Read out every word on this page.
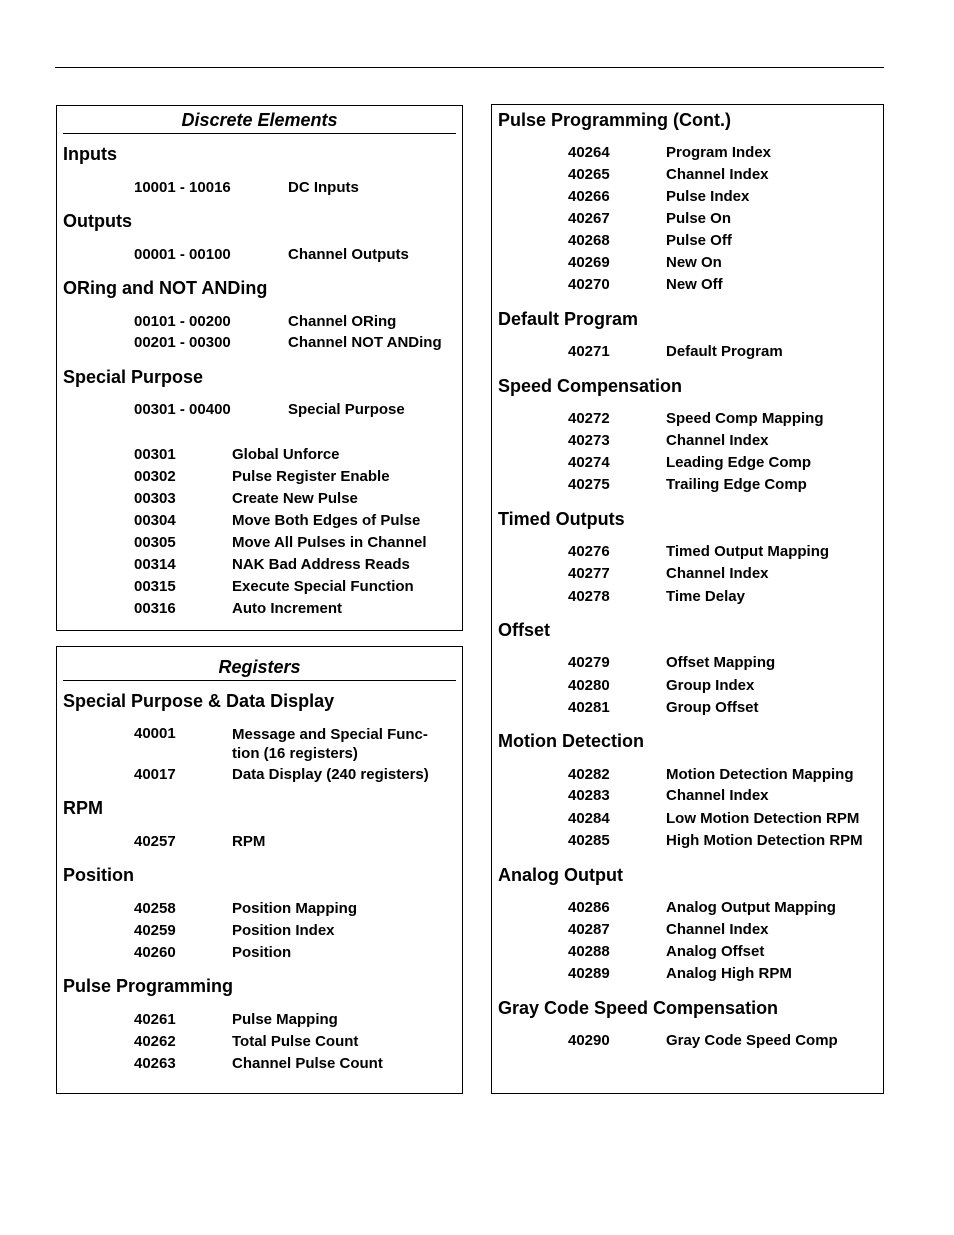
Discrete Elements
Inputs
10001 - 10016	DC Inputs
Outputs
00001 - 00100	Channel Outputs
ORing and NOT ANDing
00101 - 00200	Channel ORing
00201 - 00300	Channel NOT ANDing
Special Purpose
00301 - 00400	Special Purpose
00301	Global Unforce
00302	Pulse Register Enable
00303	Create New Pulse
00304	Move Both Edges of Pulse
00305	Move All Pulses in Channel
00314	NAK Bad Address Reads
00315	Execute Special Function
00316	Auto Increment
Registers
Special Purpose & Data Display
40001	Message and Special Func- tion (16 registers)
40017	Data Display (240 registers)
RPM
40257	RPM
Position
40258	Position Mapping
40259	Position Index
40260	Position
Pulse Programming
40261	Pulse Mapping
40262	Total Pulse Count
40263	Channel Pulse Count
Pulse Programming (Cont.)
40264	Program Index
40265	Channel Index
40266	Pulse Index
40267	Pulse On
40268	Pulse Off
40269	New On
40270	New Off
Default Program
40271	Default Program
Speed Compensation
40272	Speed Comp Mapping
40273	Channel Index
40274	Leading Edge Comp
40275	Trailing Edge Comp
Timed Outputs
40276	Timed Output Mapping
40277	Channel Index
40278	Time Delay
Offset
40279	Offset Mapping
40280	Group Index
40281	Group Offset
Motion Detection
40282	Motion Detection Mapping
40283	Channel Index
40284	Low Motion Detection RPM
40285	High Motion Detection RPM
Analog Output
40286	Analog Output Mapping
40287	Channel Index
40288	Analog Offset
40289	Analog High RPM
Gray Code Speed Compensation
40290	Gray Code Speed Comp
